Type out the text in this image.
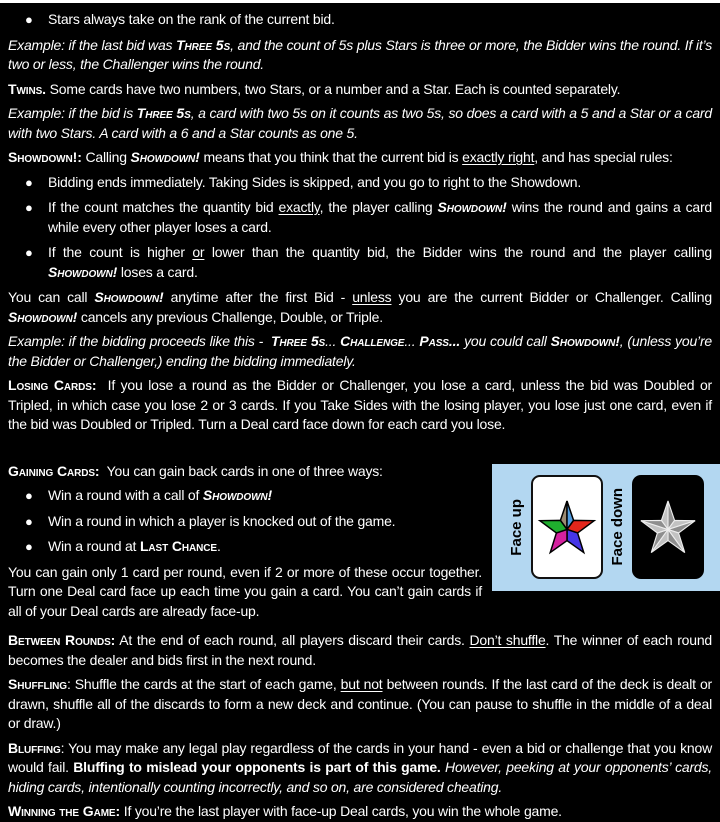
● Stars always take on the rank of the current bid.
Example: if the last bid was Three 5s, and the count of 5s plus Stars is three or more, the Bidder wins the round. If it’s two or less, the Challenger wins the round.
Twins. Some cards have two numbers, two Stars, or a number and a Star. Each is counted separately.
Example: if the bid is Three 5s, a card with two 5s on it counts as two 5s, so does a card with a 5 and a Star or a card with two Stars. A card with a 6 and a Star counts as one 5.
Showdown!: Calling Showdown! means that you think that the current bid is exactly right, and has special rules:
● Bidding ends immediately. Taking Sides is skipped, and you go to right to the Showdown.
● If the count matches the quantity bid exactly, the player calling Showdown! wins the round and gains a card while every other player loses a card.
● If the count is higher or lower than the quantity bid, the Bidder wins the round and the player calling Showdown! loses a card.
You can call Showdown! anytime after the first Bid - unless you are the current Bidder or Challenger. Calling Showdown! cancels any previous Challenge, Double, or Triple.
Example: if the bidding proceeds like this -  Three 5s... Challenge... Pass... you could call Showdown!, (unless you’re the Bidder or Challenger,) ending the bidding immediately.
Losing Cards:  If you lose a round as the Bidder or Challenger, you lose a card, unless the bid was Doubled or Tripled, in which case you lose 2 or 3 cards. If you Take Sides with the losing player, you lose just one card, even if the bid was Doubled or Tripled. Turn a Deal card face down for each card you lose.
Face up	Face down
Gaining Cards:  You can gain back cards in one of three ways:
● Win a round with a call of Showdown!
● Win a round in which a player is knocked out of the game.
● Win a round at Last Chance.
You can gain only 1 card per round, even if 2 or more of these occur together. Turn one Deal card face up each time you gain a card. You can’t gain cards if all of your Deal cards are already face-up.
Between Rounds: At the end of each round, all players discard their cards. Don’t shuffle. The winner of each round becomes the dealer and bids first in the next round.
Shuffling: Shuffle the cards at the start of each game, but not between rounds. If the last card of the deck is dealt or drawn, shuffle all of the discards to form a new deck and continue. (You can pause to shuffle in the middle of a deal or draw.)
Bluffing: You may make any legal play regardless of the cards in your hand - even a bid or challenge that you know would fail. Bluffing to mislead your opponents is part of this game. However, peeking at your opponents’ cards, hiding cards, intentionally counting incorrectly, and so on, are considered cheating.
Winning the Game: If you’re the last player with face-up Deal cards, you win the whole game.
